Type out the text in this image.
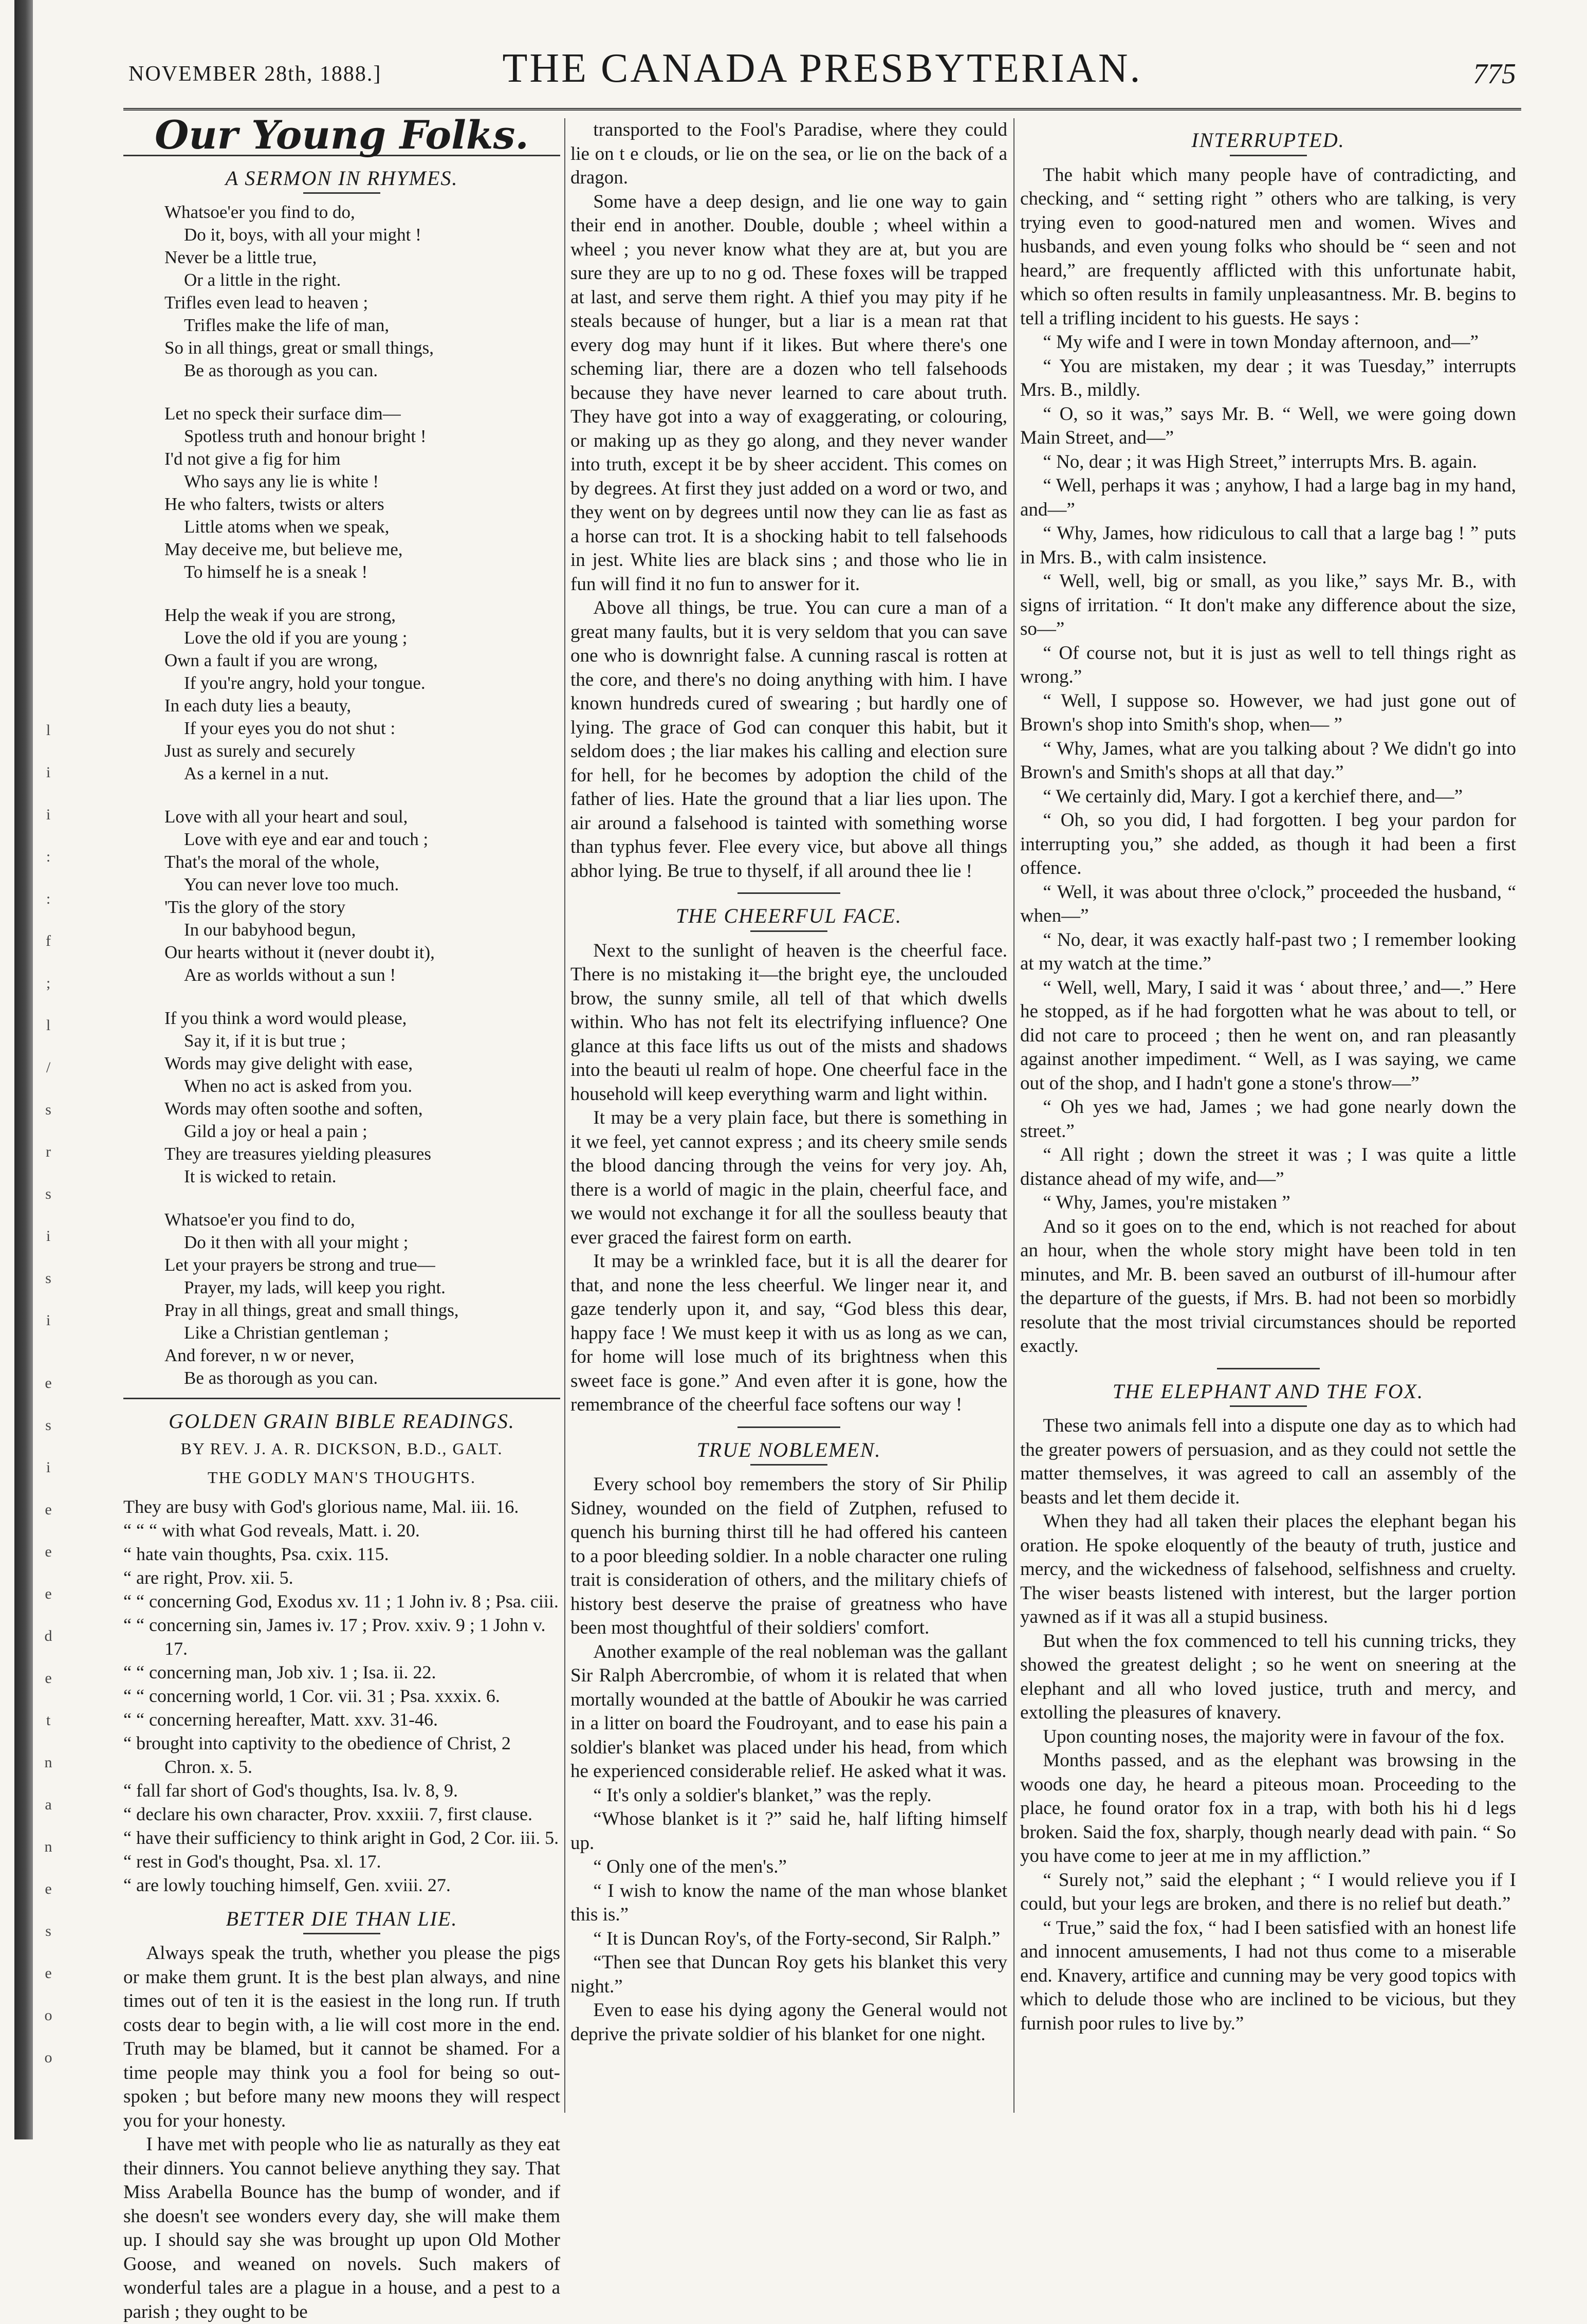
l
i
i
:
:
f
;
l
/
s
r
s
i
s
i
e
s
i
e
e
e
d
e
t
n
a
n
e
s
e
o
o
NOVEMBER 28th, 1888.]	THE CANADA PRESBYTERIAN.	775
Our Young Folks.
A SERMON IN RHYMES.
Whatsoe'er you find to do,
Do it, boys, with all your might !
Never be a little true,
Or a little in the right.
Trifles even lead to heaven ;
Trifles make the life of man,
So in all things, great or small things,
Be as thorough as you can.
Let no speck their surface dim—
Spotless truth and honour bright !
I'd not give a fig for him
Who says any lie is white !
He who falters, twists or alters
Little atoms when we speak,
May deceive me, but believe me,
To himself he is a sneak !
Help the weak if you are strong,
Love the old if you are young ;
Own a fault if you are wrong,
If you're angry, hold your tongue.
In each duty lies a beauty,
If your eyes you do not shut :
Just as surely and securely
As a kernel in a nut.
Love with all your heart and soul,
Love with eye and ear and touch ;
That's the moral of the whole,
You can never love too much.
'Tis the glory of the story
In our babyhood begun,
Our hearts without it (never doubt it),
Are as worlds without a sun !
If you think a word would please,
Say it, if it is but true ;
Words may give delight with ease,
When no act is asked from you.
Words may often soothe and soften,
Gild a joy or heal a pain ;
They are treasures yielding pleasures
It is wicked to retain.
Whatsoe'er you find to do,
Do it then with all your might ;
Let your prayers be strong and true—
Prayer, my lads, will keep you right.
Pray in all things, great and small things,
Like a Christian gentleman ;
And forever, n w or never,
Be as thorough as you can.
GOLDEN GRAIN BIBLE READINGS.
BY REV. J. A. R. DICKSON, B.D., GALT.
THE GODLY MAN'S THOUGHTS.
They are busy with God's glorious name, Mal. iii. 16.
“ “ “ with what God reveals, Matt. i. 20.
“ hate vain thoughts, Psa. cxix. 115.
“ are right, Prov. xii. 5.
“ “ concerning God, Exodus xv. 11 ; 1 John iv. 8 ; Psa. ciii.
“ “ concerning sin, James iv. 17 ; Prov. xxiv. 9 ; 1 John v. 17.
“ “ concerning man, Job xiv. 1 ; Isa. ii. 22.
“ “ concerning world, 1 Cor. vii. 31 ; Psa. xxxix. 6.
“ “ concerning hereafter, Matt. xxv. 31-46.
“ brought into captivity to the obedience of Christ, 2 Chron. x. 5.
“ fall far short of God's thoughts, Isa. lv. 8, 9.
“ declare his own character, Prov. xxxiii. 7, first clause.
“ have their sufficiency to think aright in God, 2 Cor. iii. 5.
“ rest in God's thought, Psa. xl. 17.
“ are lowly touching himself, Gen. xviii. 27.
BETTER DIE THAN LIE.

Always speak the truth, whether you please the pigs or make them grunt. It is the best plan always, and nine times out of ten it is the easiest in the long run. If truth costs dear to begin with, a lie will cost more in the end. Truth may be blamed, but it cannot be shamed. For a time people may think you a fool for being so out-spoken ; but before many new moons they will respect you for your honesty.

I have met with people who lie as naturally as they eat their dinners. You cannot believe anything they say. That Miss Arabella Bounce has the bump of wonder, and if she doesn't see wonders every day, she will make them up. I should say she was brought up upon Old Mother Goose, and weaned on novels. Such makers of wonderful tales are a plague in a house, and a pest to a parish ; they ought to be

transported to the Fool's Paradise, where they could lie on t e clouds, or lie on the sea, or lie on the back of a dragon.

Some have a deep design, and lie one way to gain their end in another. Double, double ; wheel within a wheel ; you never know what they are at, but you are sure they are up to no g od. These foxes will be trapped at last, and serve them right. A thief you may pity if he steals because of hunger, but a liar is a mean rat that every dog may hunt if it likes. But where there's one scheming liar, there are a dozen who tell falsehoods because they have never learned to care about truth. They have got into a way of exaggerating, or colouring, or making up as they go along, and they never wander into truth, except it be by sheer accident. This comes on by degrees. At first they just added on a word or two, and they went on by degrees until now they can lie as fast as a horse can trot. It is a shocking habit to tell falsehoods in jest. White lies are black sins ; and those who lie in fun will find it no fun to answer for it.

Above all things, be true. You can cure a man of a great many faults, but it is very seldom that you can save one who is downright false. A cunning rascal is rotten at the core, and there's no doing anything with him. I have known hundreds cured of swearing ; but hardly one of lying. The grace of God can conquer this habit, but it seldom does ; the liar makes his calling and election sure for hell, for he becomes by adoption the child of the father of lies. Hate the ground that a liar lies upon. The air around a falsehood is tainted with something worse than typhus fever. Flee every vice, but above all things abhor lying. Be true to thyself, if all around thee lie !

THE CHEERFUL FACE.

Next to the sunlight of heaven is the cheerful face. There is no mistaking it—the bright eye, the unclouded brow, the sunny smile, all tell of that which dwells within. Who has not felt its electrifying influence? One glance at this face lifts us out of the mists and shadows into the beauti ul realm of hope. One cheerful face in the household will keep everything warm and light within.

It may be a very plain face, but there is something in it we feel, yet cannot express ; and its cheery smile sends the blood dancing through the veins for very joy. Ah, there is a world of magic in the plain, cheerful face, and we would not exchange it for all the soulless beauty that ever graced the fairest form on earth.

It may be a wrinkled face, but it is all the dearer for that, and none the less cheerful. We linger near it, and gaze tenderly upon it, and say, “God bless this dear, happy face ! We must keep it with us as long as we can, for home will lose much of its brightness when this sweet face is gone.” And even after it is gone, how the remembrance of the cheerful face softens our way !

TRUE NOBLEMEN.

Every school boy remembers the story of Sir Philip Sidney, wounded on the field of Zutphen, refused to quench his burning thirst till he had offered his canteen to a poor bleeding soldier. In a noble character one ruling trait is consideration of others, and the military chiefs of history best deserve the praise of greatness who have been most thoughtful of their soldiers' comfort.

Another example of the real nobleman was the gallant Sir Ralph Abercrombie, of whom it is related that when mortally wounded at the battle of Aboukir he was carried in a litter on board the Foudroyant, and to ease his pain a soldier's blanket was placed under his head, from which he experienced considerable relief. He asked what it was.

“ It's only a soldier's blanket,” was the reply.

“Whose blanket is it ?” said he, half lifting himself up.

“ Only one of the men's.”

“ I wish to know the name of the man whose blanket this is.”

“ It is Duncan Roy's, of the Forty-second, Sir Ralph.”

“Then see that Duncan Roy gets his blanket this very night.”

Even to ease his dying agony the General would not deprive the private soldier of his blanket for one night.

INTERRUPTED.

The habit which many people have of contradicting, and checking, and “ setting right ” others who are talking, is very trying even to good-natured men and women. Wives and husbands, and even young folks who should be “ seen and not heard,” are frequently afflicted with this unfortunate habit, which so often results in family unpleasantness. Mr. B. begins to tell a trifling incident to his guests. He says :

“ My wife and I were in town Monday afternoon, and—”

“ You are mistaken, my dear ; it was Tuesday,” interrupts Mrs. B., mildly.

“ O, so it was,” says Mr. B. “ Well, we were going down Main Street, and—”

“ No, dear ; it was High Street,” interrupts Mrs. B. again.

“ Well, perhaps it was ; anyhow, I had a large bag in my hand, and—”

“ Why, James, how ridiculous to call that a large bag ! ” puts in Mrs. B., with calm insistence.

“ Well, well, big or small, as you like,” says Mr. B., with signs of irritation. “ It don't make any difference about the size, so—”

“ Of course not, but it is just as well to tell things right as wrong.”

“ Well, I suppose so. However, we had just gone out of Brown's shop into Smith's shop, when— ”

“ Why, James, what are you talking about ? We didn't go into Brown's and Smith's shops at all that day.”

“ We certainly did, Mary. I got a kerchief there, and—”

“ Oh, so you did, I had forgotten. I beg your pardon for interrupting you,” she added, as though it had been a first offence.

“ Well, it was about three o'clock,” proceeded the husband, “ when—”

“ No, dear, it was exactly half-past two ; I remember looking at my watch at the time.”

“ Well, well, Mary, I said it was ‘ about three,’ and—.” Here he stopped, as if he had forgotten what he was about to tell, or did not care to proceed ; then he went on, and ran pleasantly against another impediment. “ Well, as I was saying, we came out of the shop, and I hadn't gone a stone's throw—”

“ Oh yes we had, James ; we had gone nearly down the street.”

“ All right ; down the street it was ; I was quite a little distance ahead of my wife, and—”

“ Why, James, you're mistaken ”

And so it goes on to the end, which is not reached for about an hour, when the whole story might have been told in ten minutes, and Mr. B. been saved an outburst of ill-humour after the departure of the guests, if Mrs. B. had not been so morbidly resolute that the most trivial circumstances should be reported exactly.

THE ELEPHANT AND THE FOX.

These two animals fell into a dispute one day as to which had the greater powers of persuasion, and as they could not settle the matter themselves, it was agreed to call an assembly of the beasts and let them decide it.

When they had all taken their places the elephant began his oration. He spoke eloquently of the beauty of truth, justice and mercy, and the wickedness of falsehood, selfishness and cruelty. The wiser beasts listened with interest, but the larger portion yawned as if it was all a stupid business.

But when the fox commenced to tell his cunning tricks, they showed the greatest delight ; so he went on sneering at the elephant and all who loved justice, truth and mercy, and extolling the pleasures of knavery.

Upon counting noses, the majority were in favour of the fox.

Months passed, and as the elephant was browsing in the woods one day, he heard a piteous moan. Proceeding to the place, he found orator fox in a trap, with both his hi d legs broken. Said the fox, sharply, though nearly dead with pain. “ So you have come to jeer at me in my affliction.”

“ Surely not,” said the elephant ; “ I would relieve you if I could, but your legs are broken, and there is no relief but death.”

“ True,” said the fox, “ had I been satisfied with an honest life and innocent amusements, I had not thus come to a miserable end. Knavery, artifice and cunning may be very good topics with which to delude those who are inclined to be vicious, but they furnish poor rules to live by.”
